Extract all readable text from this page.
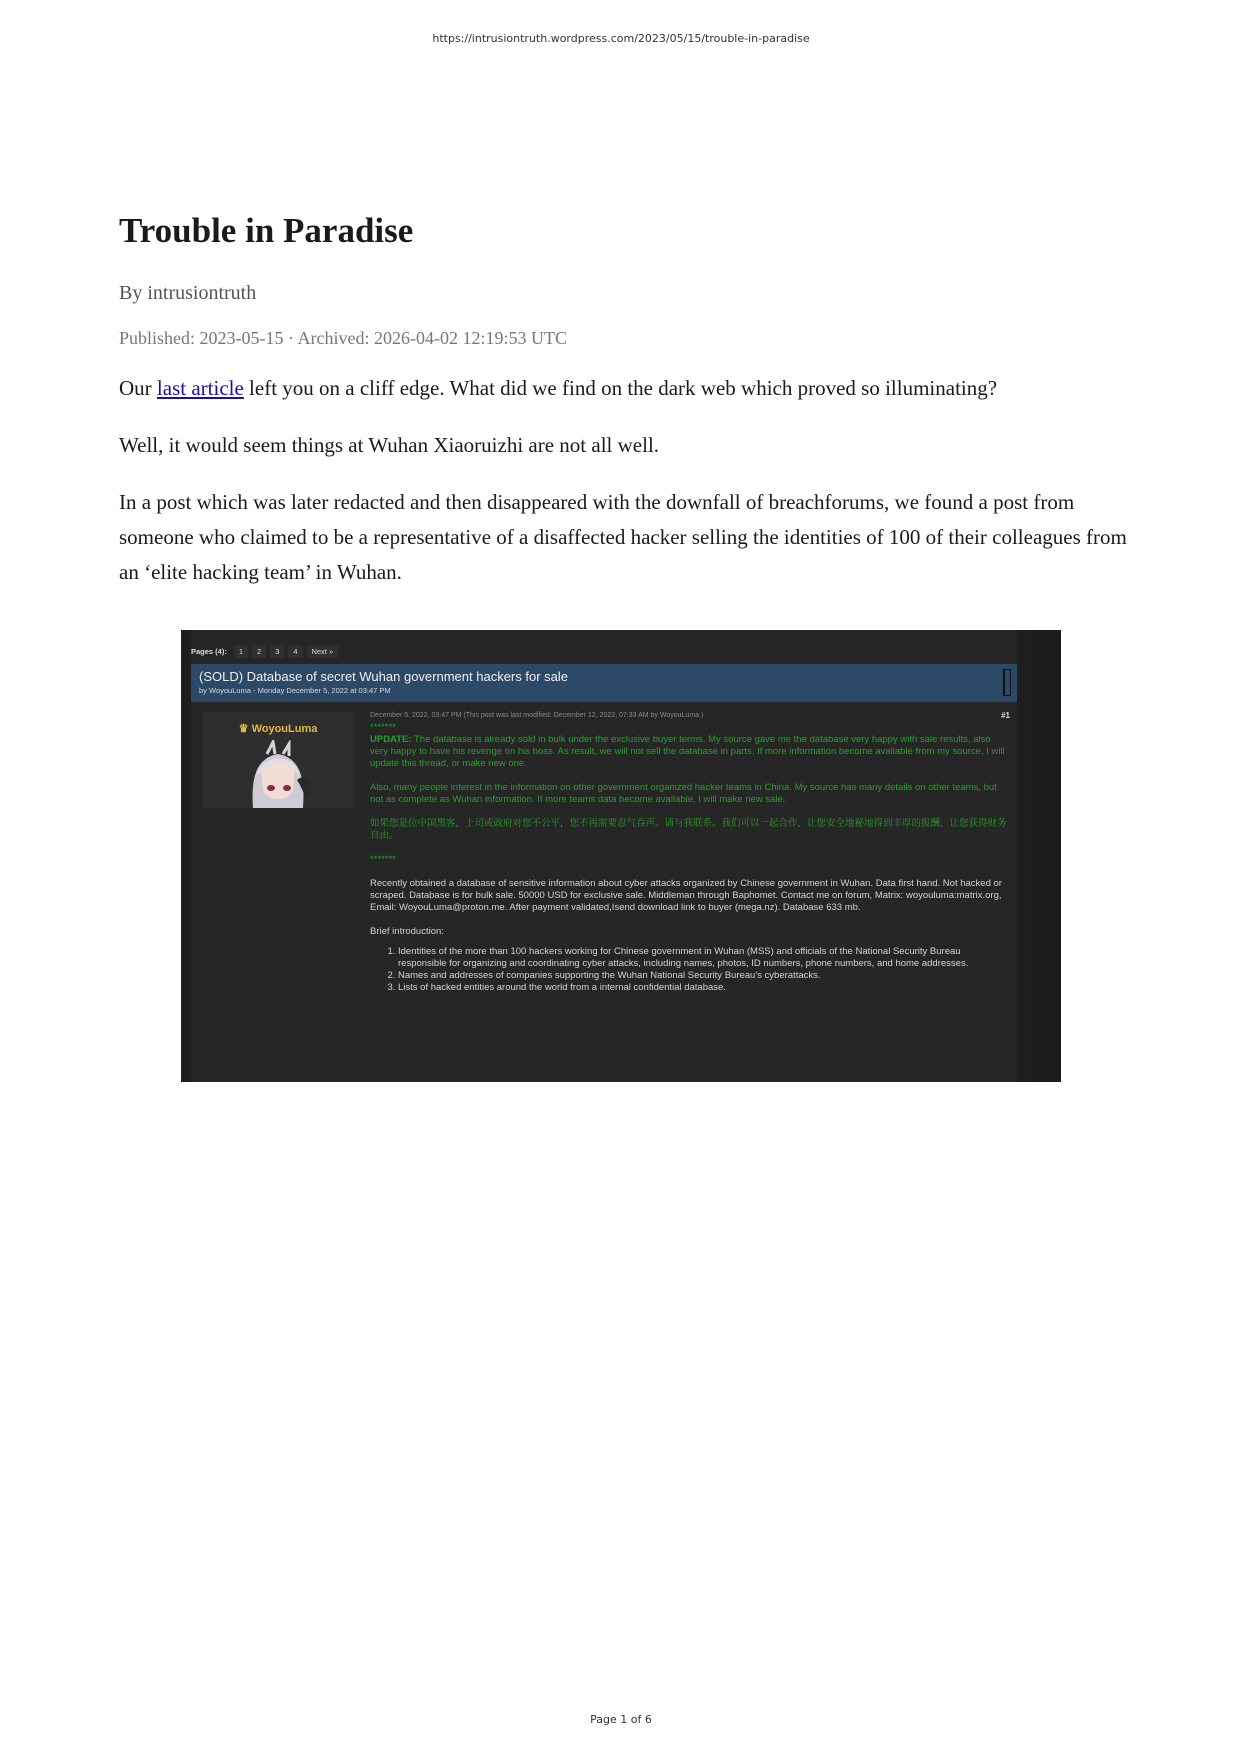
https://intrusiontruth.wordpress.com/2023/05/15/trouble-in-paradise
Trouble in Paradise
By intrusiontruth
Published: 2023-05-15 · Archived: 2026-04-02 12:19:53 UTC

Our last article left you on a cliff edge. What did we find on the dark web which proved so illuminating?

Well, it would seem things at Wuhan Xiaoruizhi are not all well.

In a post which was later redacted and then disappeared with the downfall of breachforums, we found a post from someone who claimed to be a representative of a disaffected hacker selling the identities of 100 of their colleagues from an ‘elite hacking team’ in Wuhan.

Pages (4):	1	2	3	4	Next »
(SOLD) Database of secret Wuhan government hackers for sale
by WoyouLuma - Monday December 5, 2022 at 03:47 PM
♛ WoyouLuma
December 5, 2022, 03:47 PM (This post was last modified: December 12, 2022, 07:33 AM by WoyouLuma.)	#1
*******
UPDATE: The database is already sold in bulk under the exclusive buyer terms. My source gave me the database very happy with sale results, also very happy to have his revenge on his boss. As result, we will not sell the database in parts. If more information become available from my source, I will update this thread, or make new one.
Also, many people interest in the information on other government organized hacker teams in China. My source has many details on other teams, but not as complete as Wuhan information. If more teams data become available, I will make new sale.
如果您是位中国黑客，上司或政府对您不公平，您不再需要忍气吞声。请与我联系。我们可以一起合作，让您安全地秘地得到丰厚的报酬，让您获得财务自由。
*******
Recently obtained a database of sensitive information about cyber attacks organized by Chinese government in Wuhan. Data first hand. Not hacked or scraped. Database is for bulk sale. 50000 USD for exclusive sale. Middleman through Baphomet. Contact me on forum, Matrix: woyouluma:matrix.org, Email: WoyouLuma@proton.me. After payment validated,Isend download link to buyer (mega.nz). Database 633 mb.
Brief introduction:
1. Identities of the more than 100 hackers working for Chinese government in Wuhan (MSS) and officials of the National Security Bureau responsible for organizing and coordinating cyber attacks, including names, photos, ID numbers, phone numbers, and home addresses.
2. Names and addresses of companies supporting the Wuhan National Security Bureau's cyberattacks.
3. Lists of hacked entities around the world from a internal confidential database.
Page 1 of 6
